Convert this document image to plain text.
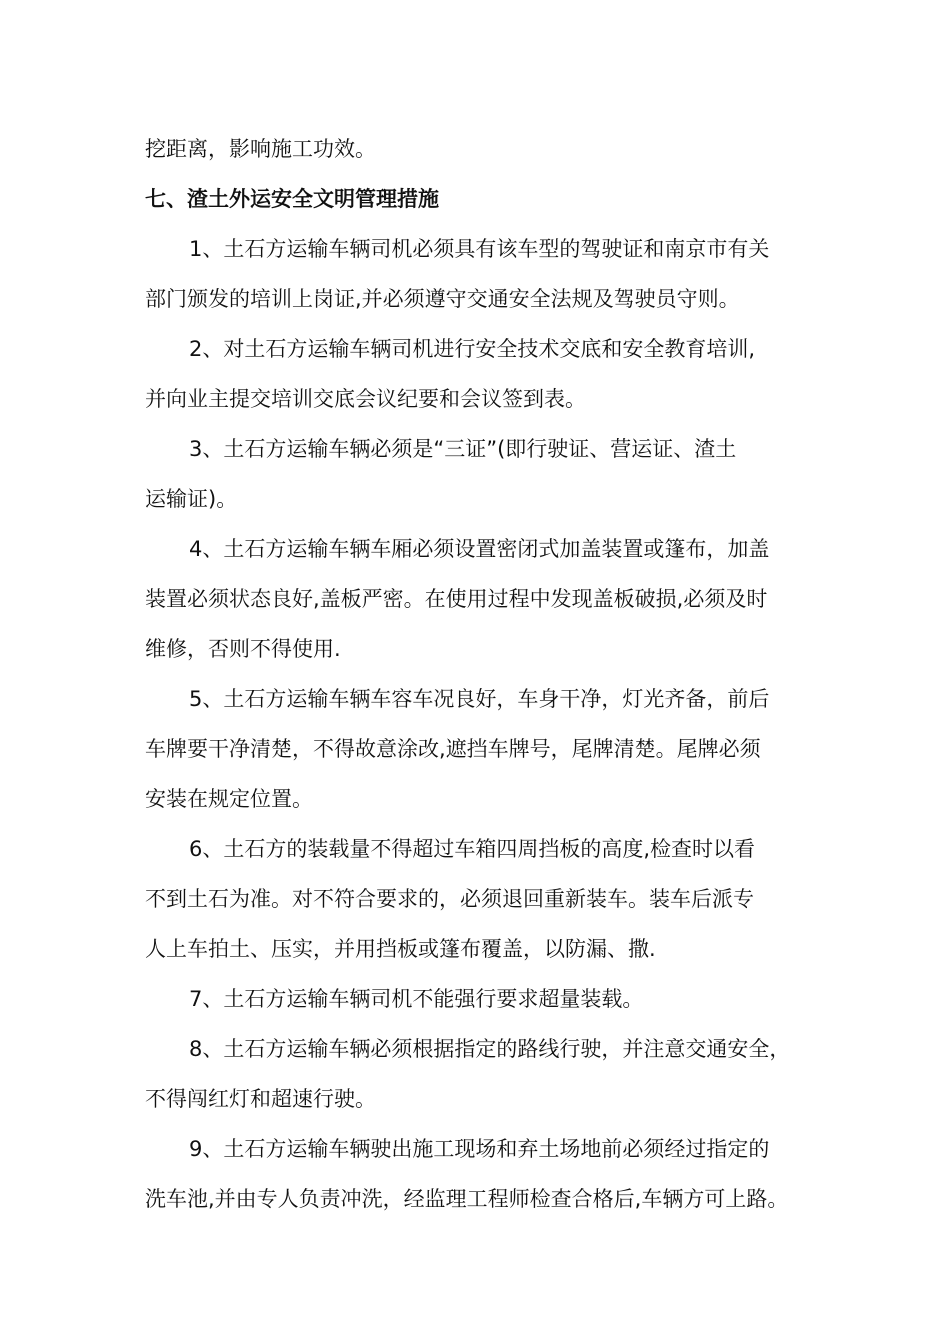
挖距离，影响施工功效。
七、渣土外运安全文明管理措施
1、土石方运输车辆司机必须具有该车型的驾驶证和南京市有关
部门颁发的培训上岗证,并必须遵守交通安全法规及驾驶员守则。
2、对土石方运输车辆司机进行安全技术交底和安全教育培训,
并向业主提交培训交底会议纪要和会议签到表。
3、土石方运输车辆必须是“三证”(即行驶证、营运证、渣土
运输证)。
4、土石方运输车辆车厢必须设置密闭式加盖装置或篷布，加盖
装置必须状态良好,盖板严密。在使用过程中发现盖板破损,必须及时
维修，否则不得使用.
5、土石方运输车辆车容车况良好，车身干净，灯光齐备，前后
车牌要干净清楚，不得故意涂改,遮挡车牌号，尾牌清楚。尾牌必须
安装在规定位置。
6、土石方的装载量不得超过车箱四周挡板的高度,检查时以看
不到土石为准。对不符合要求的，必须退回重新装车。装车后派专
人上车拍土、压实，并用挡板或篷布覆盖，以防漏、撒.
7、土石方运输车辆司机不能强行要求超量装载。
8、土石方运输车辆必须根据指定的路线行驶，并注意交通安全，
不得闯红灯和超速行驶。
9、土石方运输车辆驶出施工现场和弃土场地前必须经过指定的
洗车池,并由专人负责冲洗，经监理工程师检查合格后,车辆方可上路。
